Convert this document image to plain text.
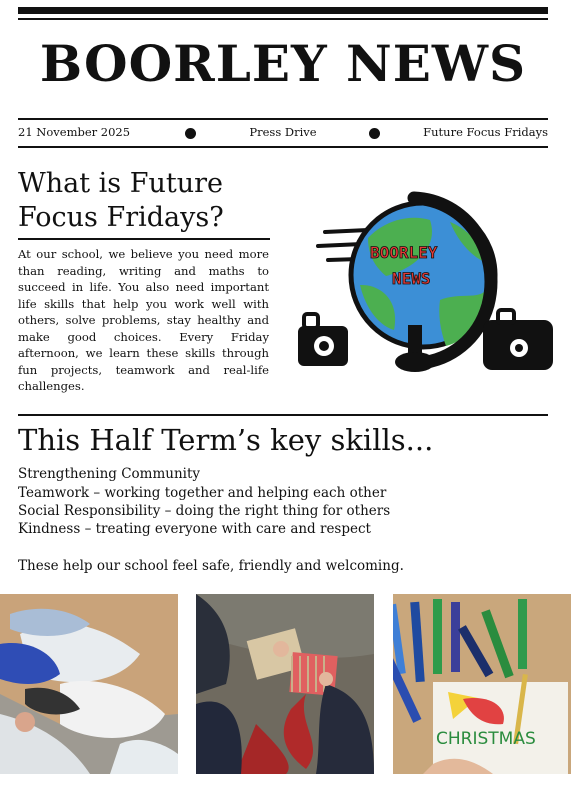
BOORLEY NEWS
21 November 2025	Press Drive	Future Focus Fridays
What is Future Focus Fridays?

At our school, we believe you need more than reading, writing and maths to succeed in life. You also need important life skills that help you work well with others, solve problems, stay healthy and make good choices. Every Friday afternoon, we learn these skills through fun projects, teamwork and real-life challenges.

BOORLEY
NEWS
This Half Term’s key skills...
Strengthening Community
Teamwork – working together and helping each other
Social Responsibility – doing the right thing for others
Kindness – treating everyone with care and respect
These help our school feel safe, friendly and welcoming.
CHRISTMAS
